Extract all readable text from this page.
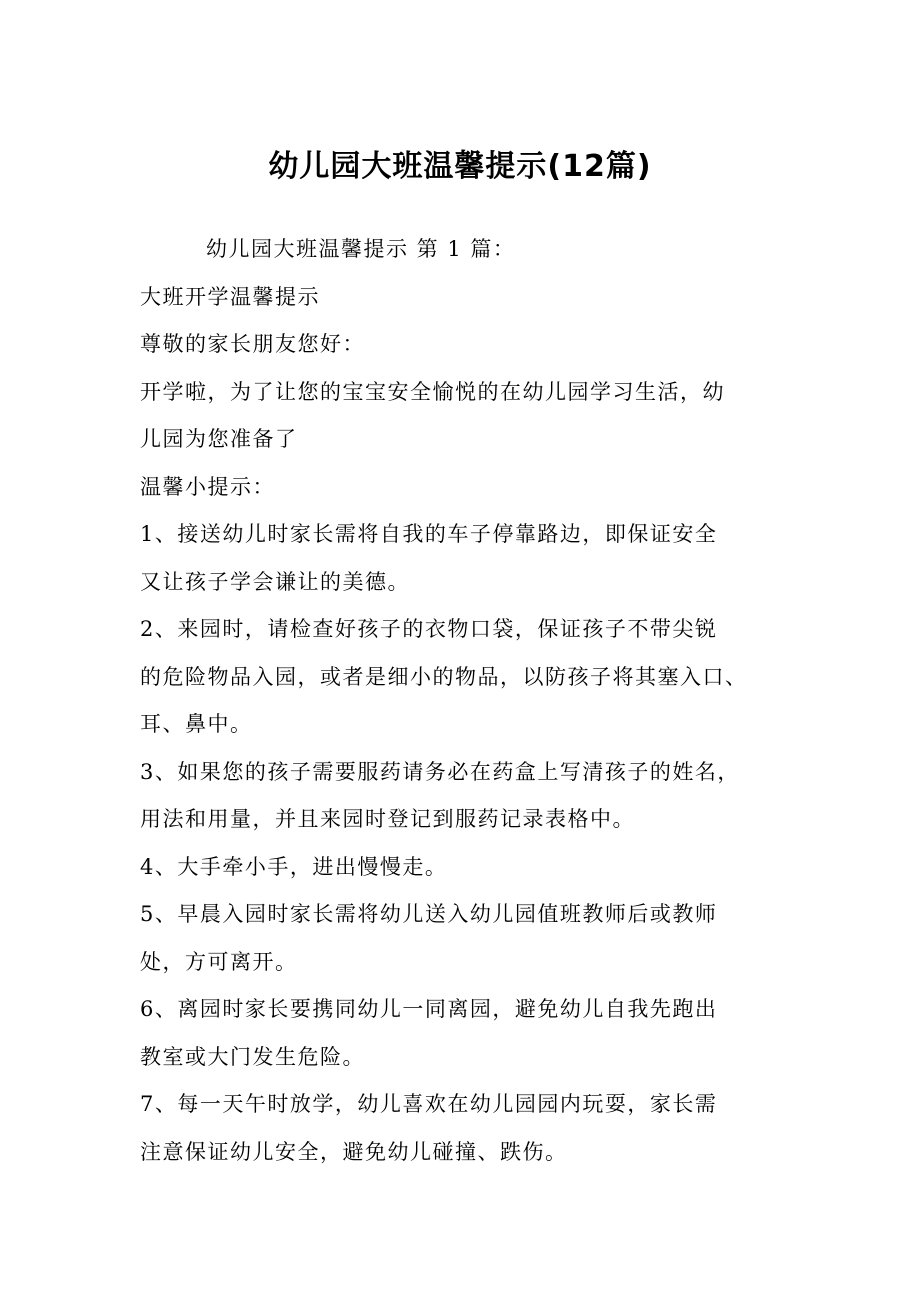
幼儿园大班温馨提示(12篇)

幼儿园大班温馨提示 第 1 篇：

大班开学温馨提示

尊敬的家长朋友您好：

开学啦，为了让您的宝宝安全愉悦的在幼儿园学习生活，幼

儿园为您准备了

温馨小提示：

1、接送幼儿时家长需将自我的车子停靠路边，即保证安全

又让孩子学会谦让的美德。

2、来园时，请检查好孩子的衣物口袋，保证孩子不带尖锐

的危险物品入园，或者是细小的物品，以防孩子将其塞入口、

耳、鼻中。

3、如果您的孩子需要服药请务必在药盒上写清孩子的姓名，

用法和用量，并且来园时登记到服药记录表格中。

4、大手牵小手，进出慢慢走。

5、早晨入园时家长需将幼儿送入幼儿园值班教师后或教师

处，方可离开。

6、离园时家长要携同幼儿一同离园，避免幼儿自我先跑出

教室或大门发生危险。

7、每一天午时放学，幼儿喜欢在幼儿园园内玩耍，家长需

注意保证幼儿安全，避免幼儿碰撞、跌伤。
